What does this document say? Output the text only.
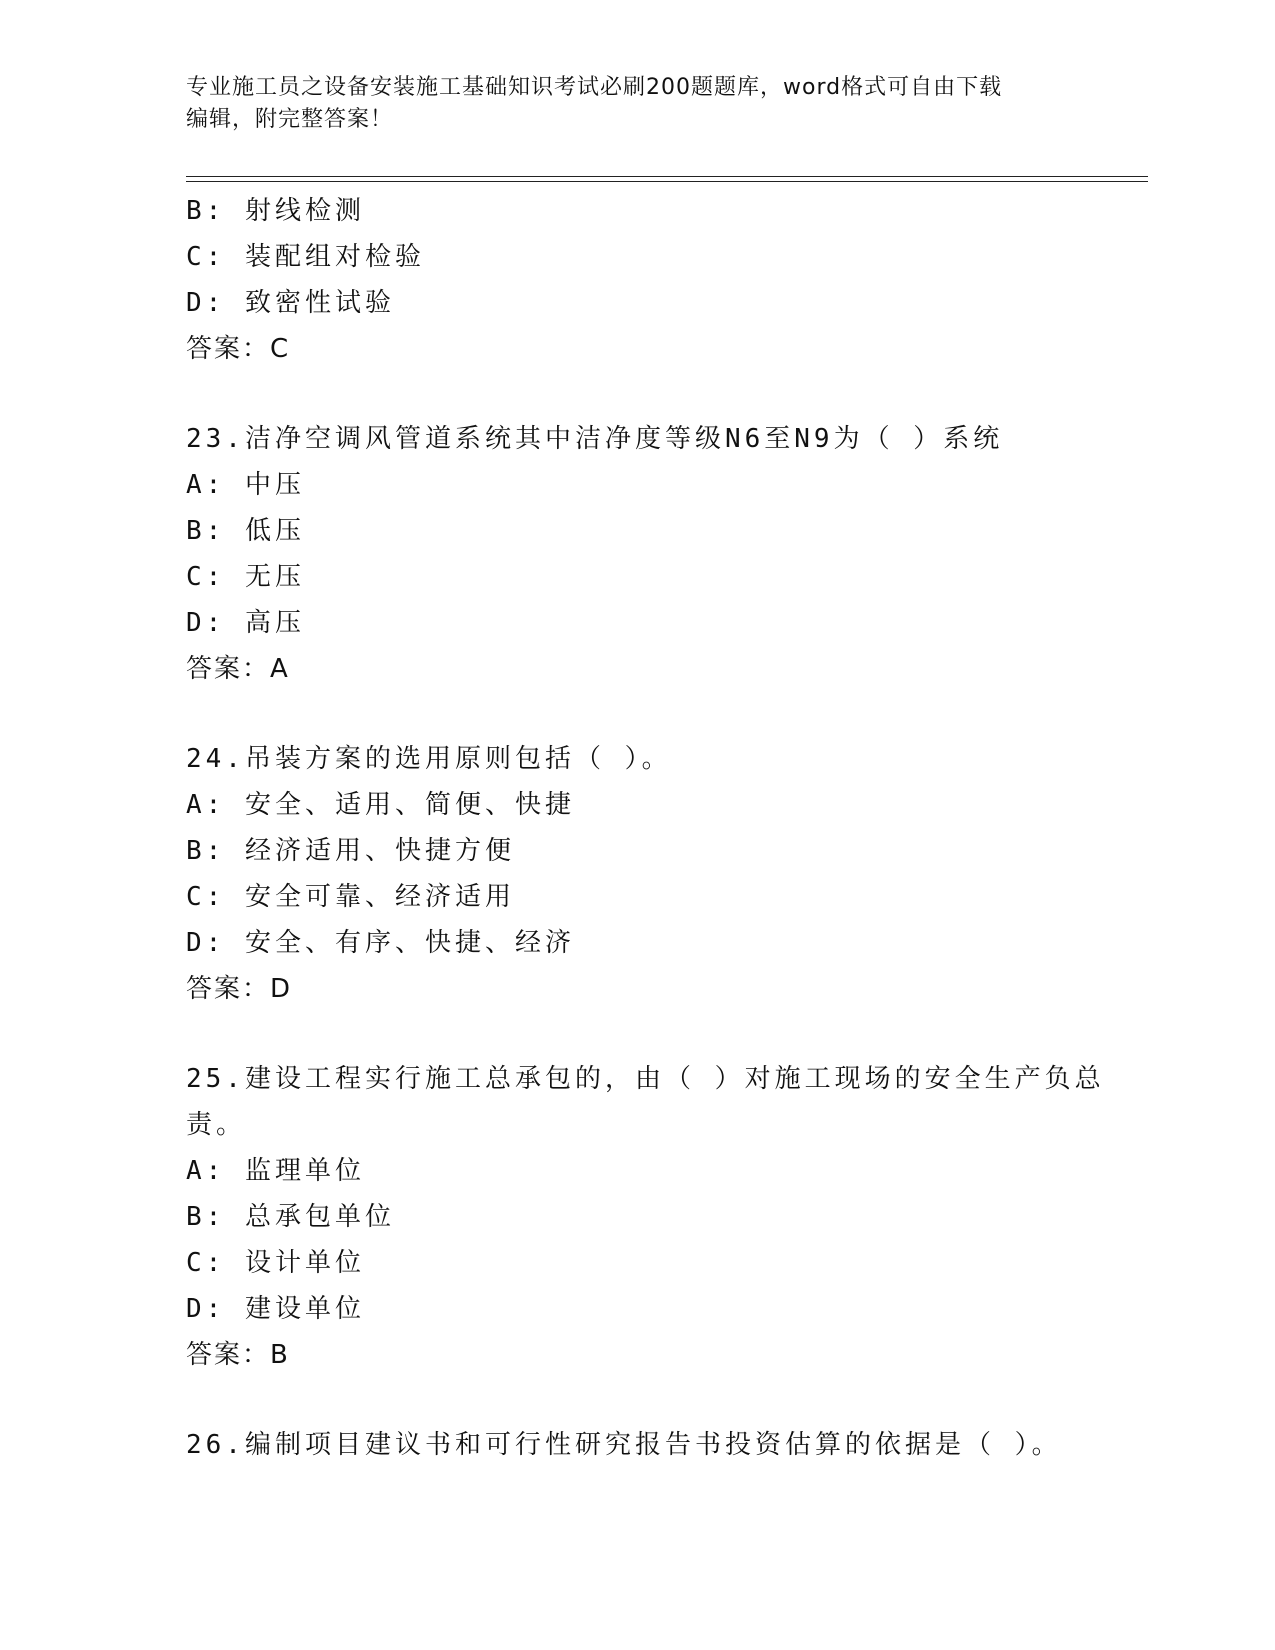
专业施工员之设备安装施工基础知识考试必刷200题题库，word格式可自由下载
编辑，附完整答案！
B: 射线检测
C: 装配组对检验
D: 致密性试验
答案：C
23.洁净空调风管道系统其中洁净度等级N6至N9为（ ）系统
A: 中压
B: 低压
C: 无压
D: 高压
答案：A
24.吊装方案的选用原则包括（ ）。
A: 安全、适用、简便、快捷
B: 经济适用、快捷方便
C: 安全可靠、经济适用
D: 安全、有序、快捷、经济
答案：D
25.建设工程实行施工总承包的，由（ ）对施工现场的安全生产负总
责。
A: 监理单位
B: 总承包单位
C: 设计单位
D: 建设单位
答案：B
26.编制项目建议书和可行性研究报告书投资估算的依据是（ ）。
